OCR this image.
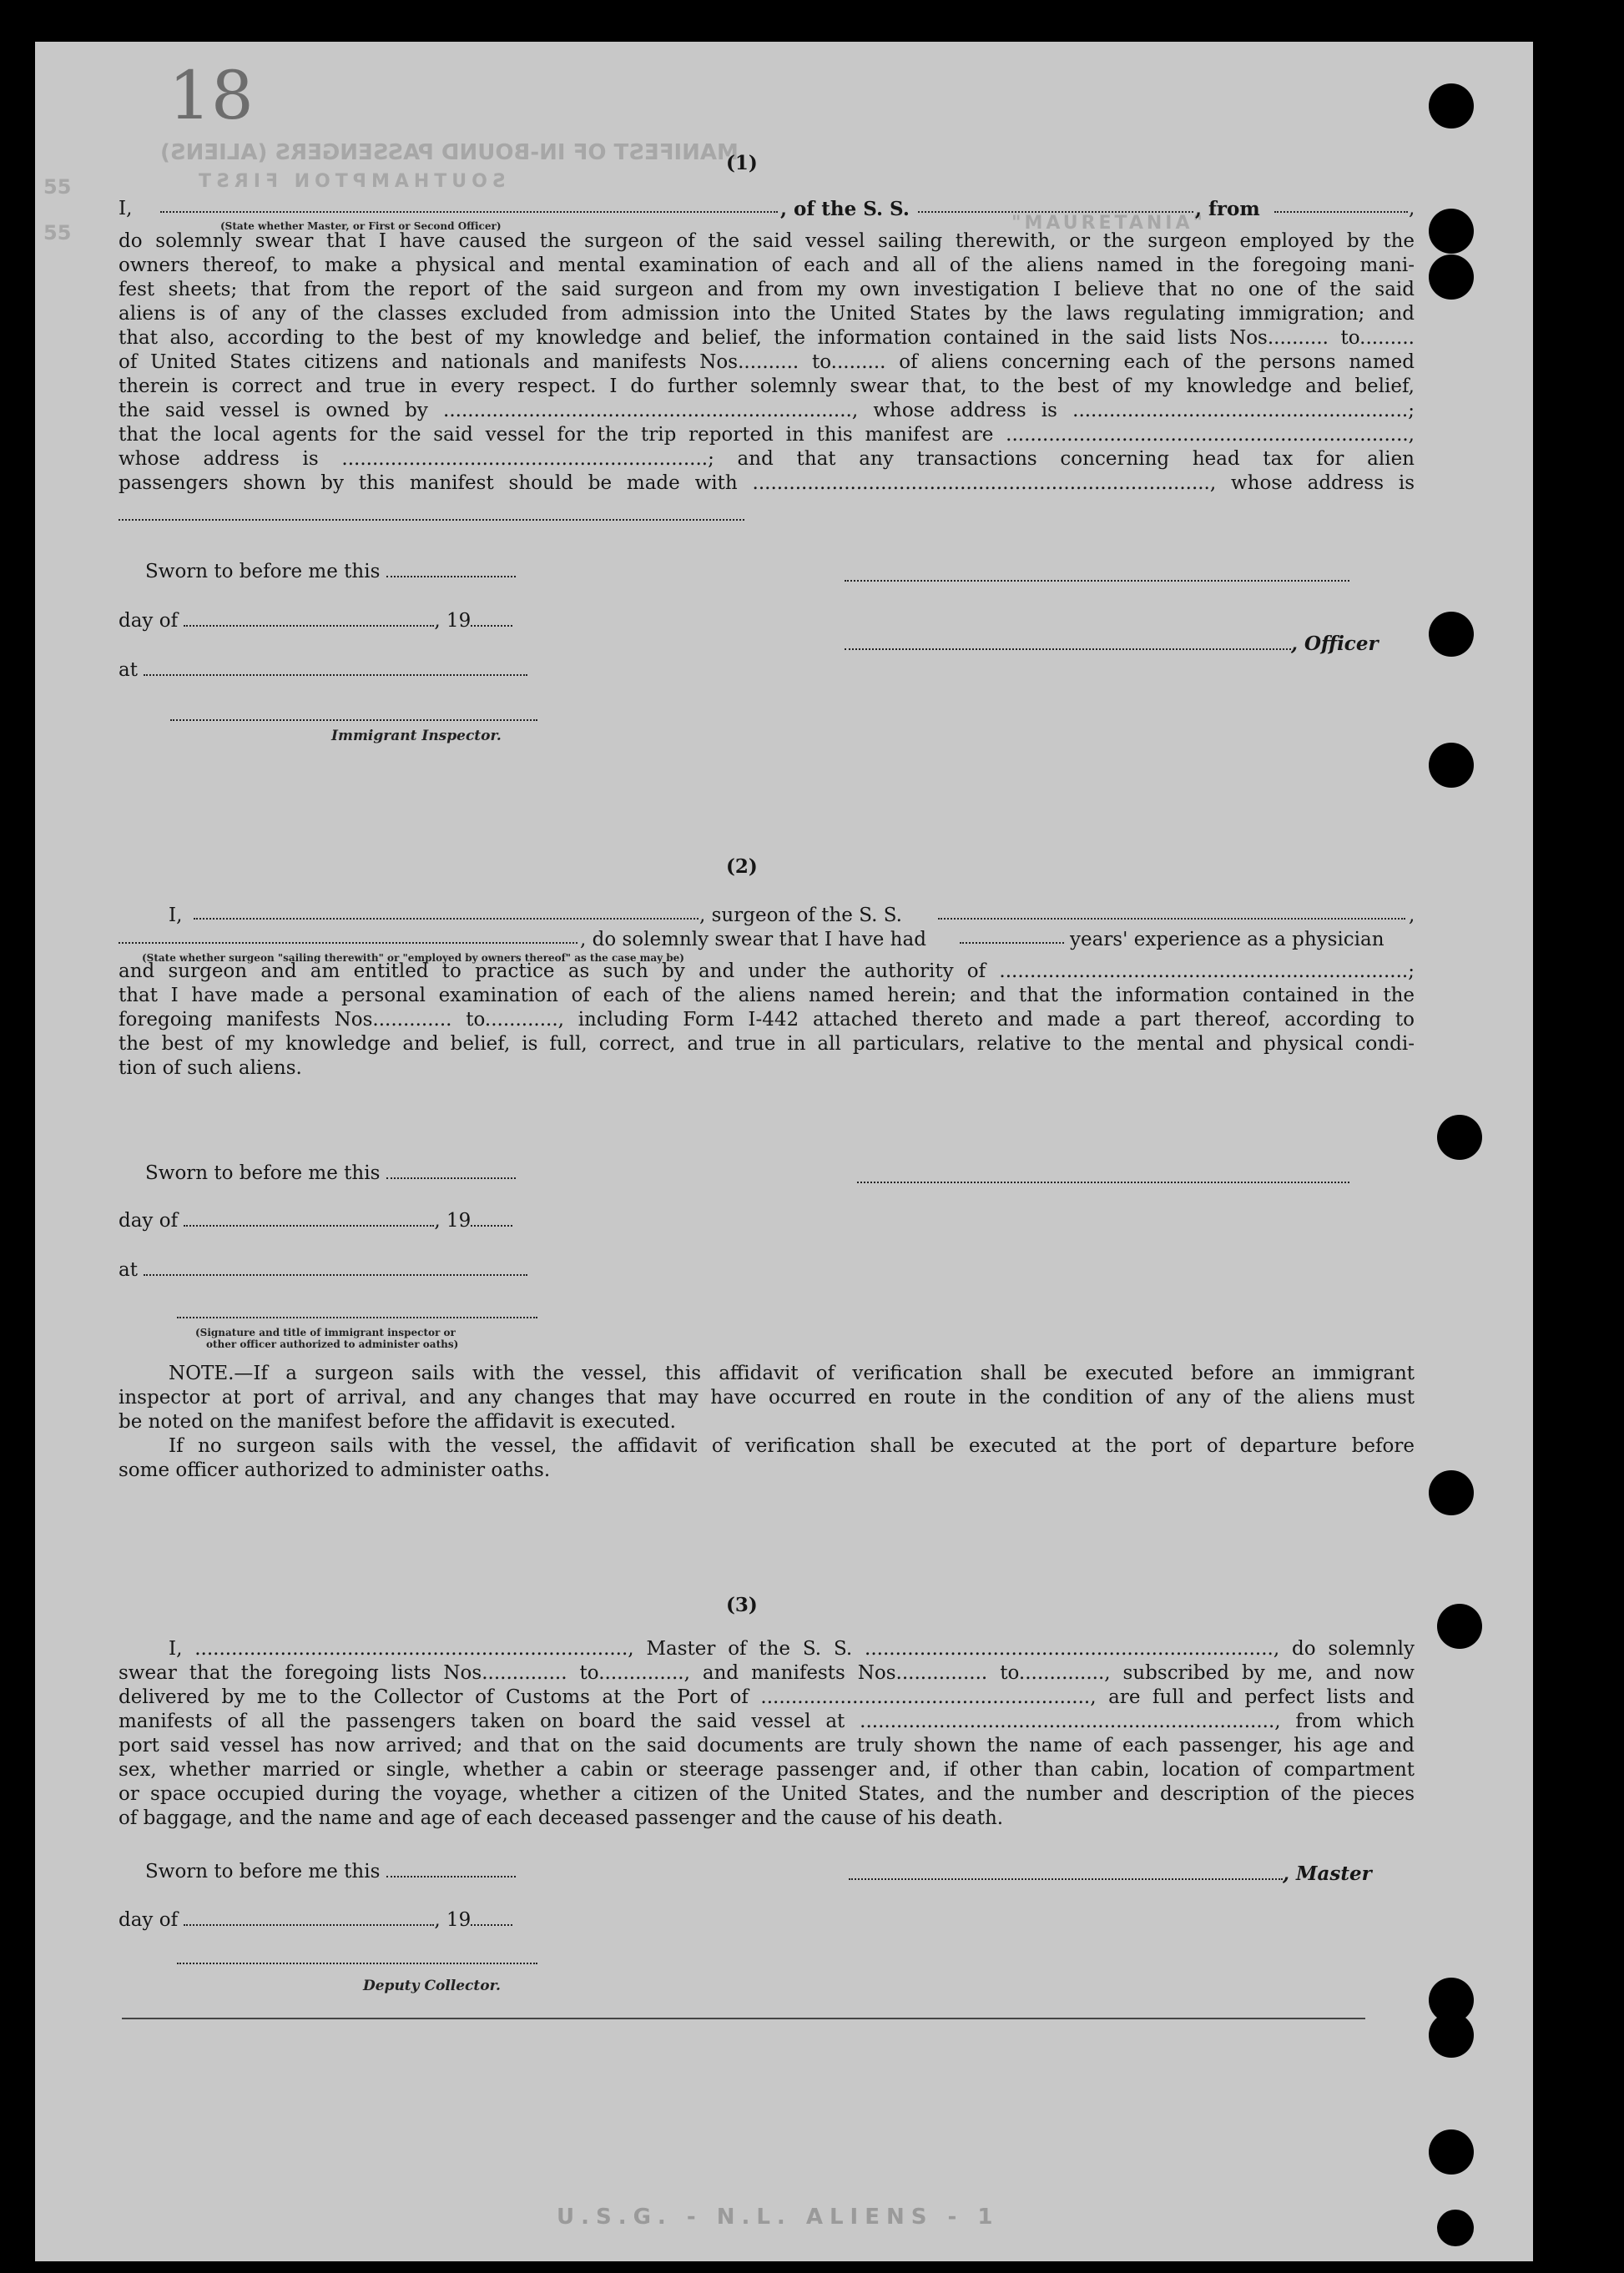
18
MANIFEST OF IN-BOUND PASSENGERS (ALIENS)
SOUTHAMPTON FIRST
"MAURETANIA"
55
55
(1)
I,	, of the S. S.	, from	,
(State whether Master, or First or Second Officer)
do solemnly swear that I have caused the surgeon of the said vessel sailing therewith, or the surgeon employed by the
owners thereof, to make a physical and mental examination of each and all of the aliens named in the foregoing mani-
fest sheets; that from the report of the said surgeon and from my own investigation I believe that no one of the said
aliens is of any of the classes excluded from admission into the United States by the laws regulating immigration; and
that also, according to the best of my knowledge and belief, the information contained in the said lists Nos.......... to.........
of United States citizens and nationals and manifests Nos.......... to......... of aliens concerning each of the persons named
therein is correct and true in every respect. I do further solemnly swear that, to the best of my knowledge and belief,
the said vessel is owned by ..................................................................., whose address is .......................................................;
that the local agents for the said vessel for the trip reported in this manifest are ..................................................................,
whose address is ............................................................; and that any transactions concerning head tax for alien
passengers shown by this manifest should be made with ..........................................................................., whose address is
Sworn to before me this
day of	, 19
, Officer
at
Immigrant Inspector.
(2)
I,	, surgeon of the S. S.	,
, do solemnly swear that I have had	years' experience as a physician
(State whether surgeon "sailing therewith" or "employed by owners thereof" as the case may be)
and surgeon and am entitled to practice as such by and under the authority of ...................................................................;
that I have made a personal examination of each of the aliens named herein; and that the information contained in the
foregoing manifests Nos............. to............, including Form I-442 attached thereto and made a part thereof, according to
the best of my knowledge and belief, is full, correct, and true in all particulars, relative to the mental and physical condi-
tion of such aliens.
Sworn to before me this
day of	, 19
at
(Signature and title of immigrant inspector or
other officer authorized to administer oaths)
NOTE.—If a surgeon sails with the vessel, this affidavit of verification shall be executed before an immigrant
inspector at port of arrival, and any changes that may have occurred en route in the condition of any of the aliens must
be noted on the manifest before the affidavit is executed.
If no surgeon sails with the vessel, the affidavit of verification shall be executed at the port of departure before
some officer authorized to administer oaths.
(3)
I, ......................................................................., Master of the S. S. ..................................................................., do solemnly
swear that the foregoing lists Nos.............. to.............., and manifests Nos............... to.............., subscribed by me, and now
delivered by me to the Collector of Customs at the Port of ......................................................, are full and perfect lists and
manifests of all the passengers taken on board the said vessel at ...................................................................., from which
port said vessel has now arrived; and that on the said documents are truly shown the name of each passenger, his age and
sex, whether married or single, whether a cabin or steerage passenger and, if other than cabin, location of compartment
or space occupied during the voyage, whether a citizen of the United States, and the number and description of the pieces
of baggage, and the name and age of each deceased passenger and the cause of his death.
Sworn to before me this	, Master
day of	, 19
Deputy Collector.
U.S.G. - N.L. ALIENS - 1
